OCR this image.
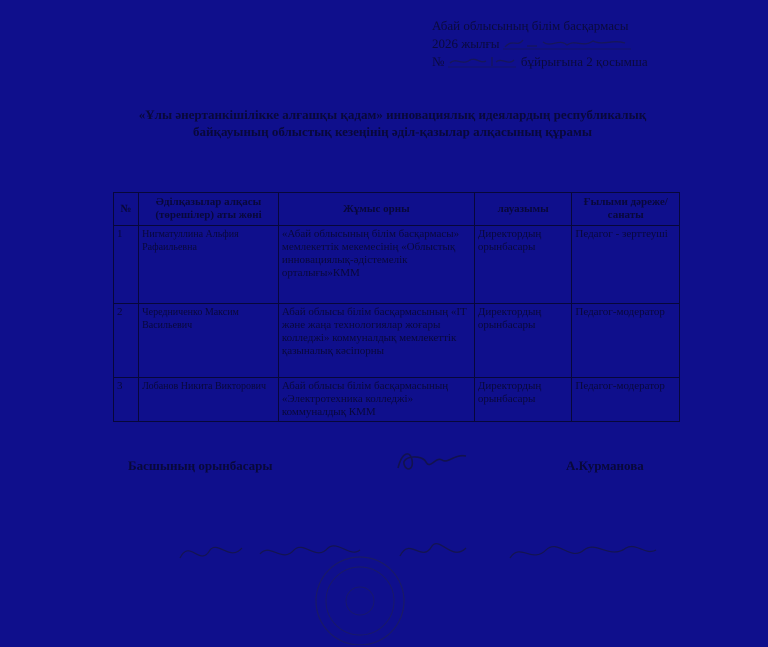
Абай облысының білім басқармасы
2026 жылғы
№	бұйрығына 2 қосымша
«Ұлы әнертанкішілікке алғашқы қадам» инновациялық идеялардың республикалық байқауының облыстық кезеңінің әділ-қазылар алқасының құрамы
№	Әділқазылар алқасы (төрешілер) аты жөні	Жұмыс орны	лауазымы	Ғылыми дәреже/ санаты
1	Нигматуллина Альфия Рафаильевна	«Абай облысының білім басқармасы» мемлекеттік мекемесінің «Облыстық инновациялық-әдістемелік орталығы»КММ	Директордың орынбасары	Педагог - зерттеуші
2	Чередниченко Максим Васильевич	Абай облысы білім басқармасының «IT және жаңа технологиялар жоғары колледжі» коммуналдық мемлекеттік қазыналық кәсіпорны	Директордың орынбасары	Педагог-модератор
3	Лобанов Никита Викторович	Абай облысы білім басқармасының «Электротехника колледжі» коммуналдық КММ	Директордың орынбасары	Педагог-модератор
Басшының орынбасары	А.Курманова
